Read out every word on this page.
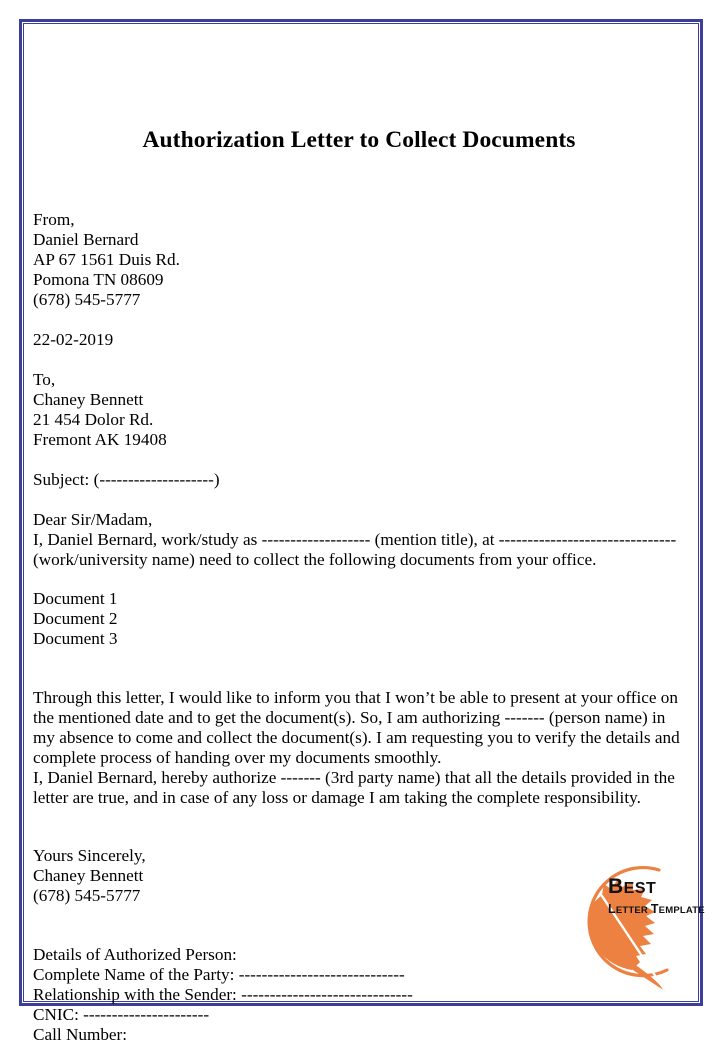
Authorization Letter to Collect Documents
From,
Daniel Bernard
AP 67 1561 Duis Rd.
Pomona TN 08609
(678) 545-5777
22-02-2019
To,
Chaney Bennett
21 454 Dolor Rd.
Fremont AK 19408
Subject: (--------------------)
Dear Sir/Madam,
I, Daniel Bernard, work/study as ------------------- (mention title), at -------------------------------
(work/university name) need to collect the following documents from your office.
Document 1
Document 2
Document 3

Through this letter, I would like to inform you that I won’t be able to present at your office on the mentioned date and to get the document(s). So, I am authorizing ------- (person name) in my absence to come and collect the document(s). I am requesting you to verify the details and complete process of handing over my documents smoothly.

I, Daniel Bernard, hereby authorize ------- (3rd party name) that all the details provided in the letter are true, and in case of any loss or damage I am taking the complete responsibility.

Yours Sincerely,
Chaney Bennett
(678) 545-5777
Details of Authorized Person:
Complete Name of the Party: -----------------------------
Relationship with the Sender: ------------------------------
CNIC: ----------------------
Call Number:
BEST
LETTER TEMPLATE
